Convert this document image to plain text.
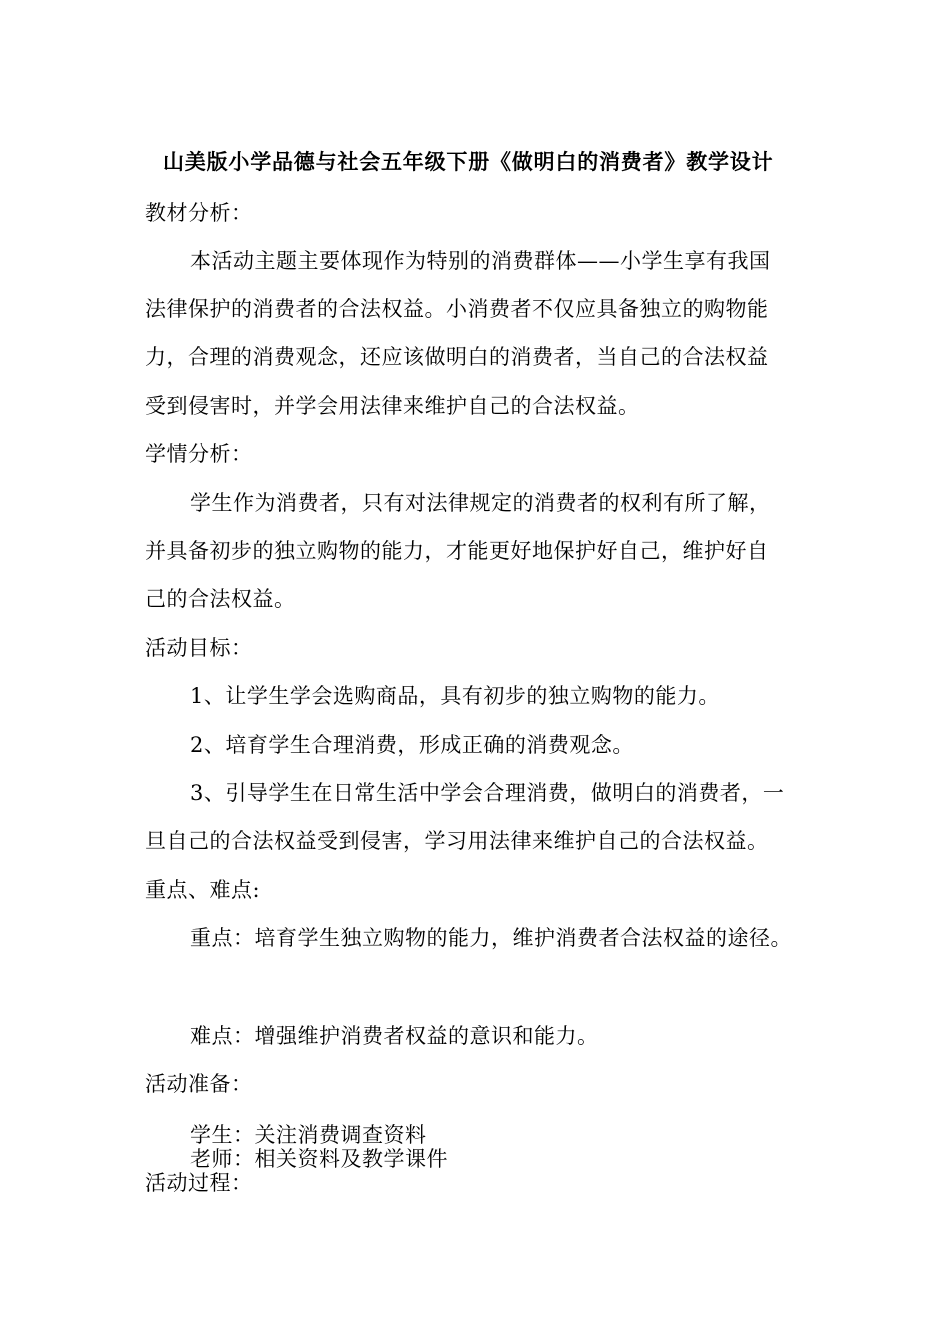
山美版小学品德与社会五年级下册《做明白的消费者》教学设计
教材分析：
本活动主题主要体现作为特别的消费群体——小学生享有我国
法律保护的消费者的合法权益。小消费者不仅应具备独立的购物能
力，合理的消费观念，还应该做明白的消费者，当自己的合法权益
受到侵害时，并学会用法律来维护自己的合法权益。
学情分析：
学生作为消费者，只有对法律规定的消费者的权利有所了解，
并具备初步的独立购物的能力，才能更好地保护好自己，维护好自
己的合法权益。
活动目标：
1、让学生学会选购商品，具有初步的独立购物的能力。
2、培育学生合理消费，形成正确的消费观念。
3、引导学生在日常生活中学会合理消费，做明白的消费者，一
旦自己的合法权益受到侵害，学习用法律来维护自己的合法权益。
重点、难点:
重点：培育学生独立购物的能力，维护消费者合法权益的途径。
难点：增强维护消费者权益的意识和能力。
活动准备：
学生：关注消费调查资料
老师：相关资料及教学课件
活动过程：
